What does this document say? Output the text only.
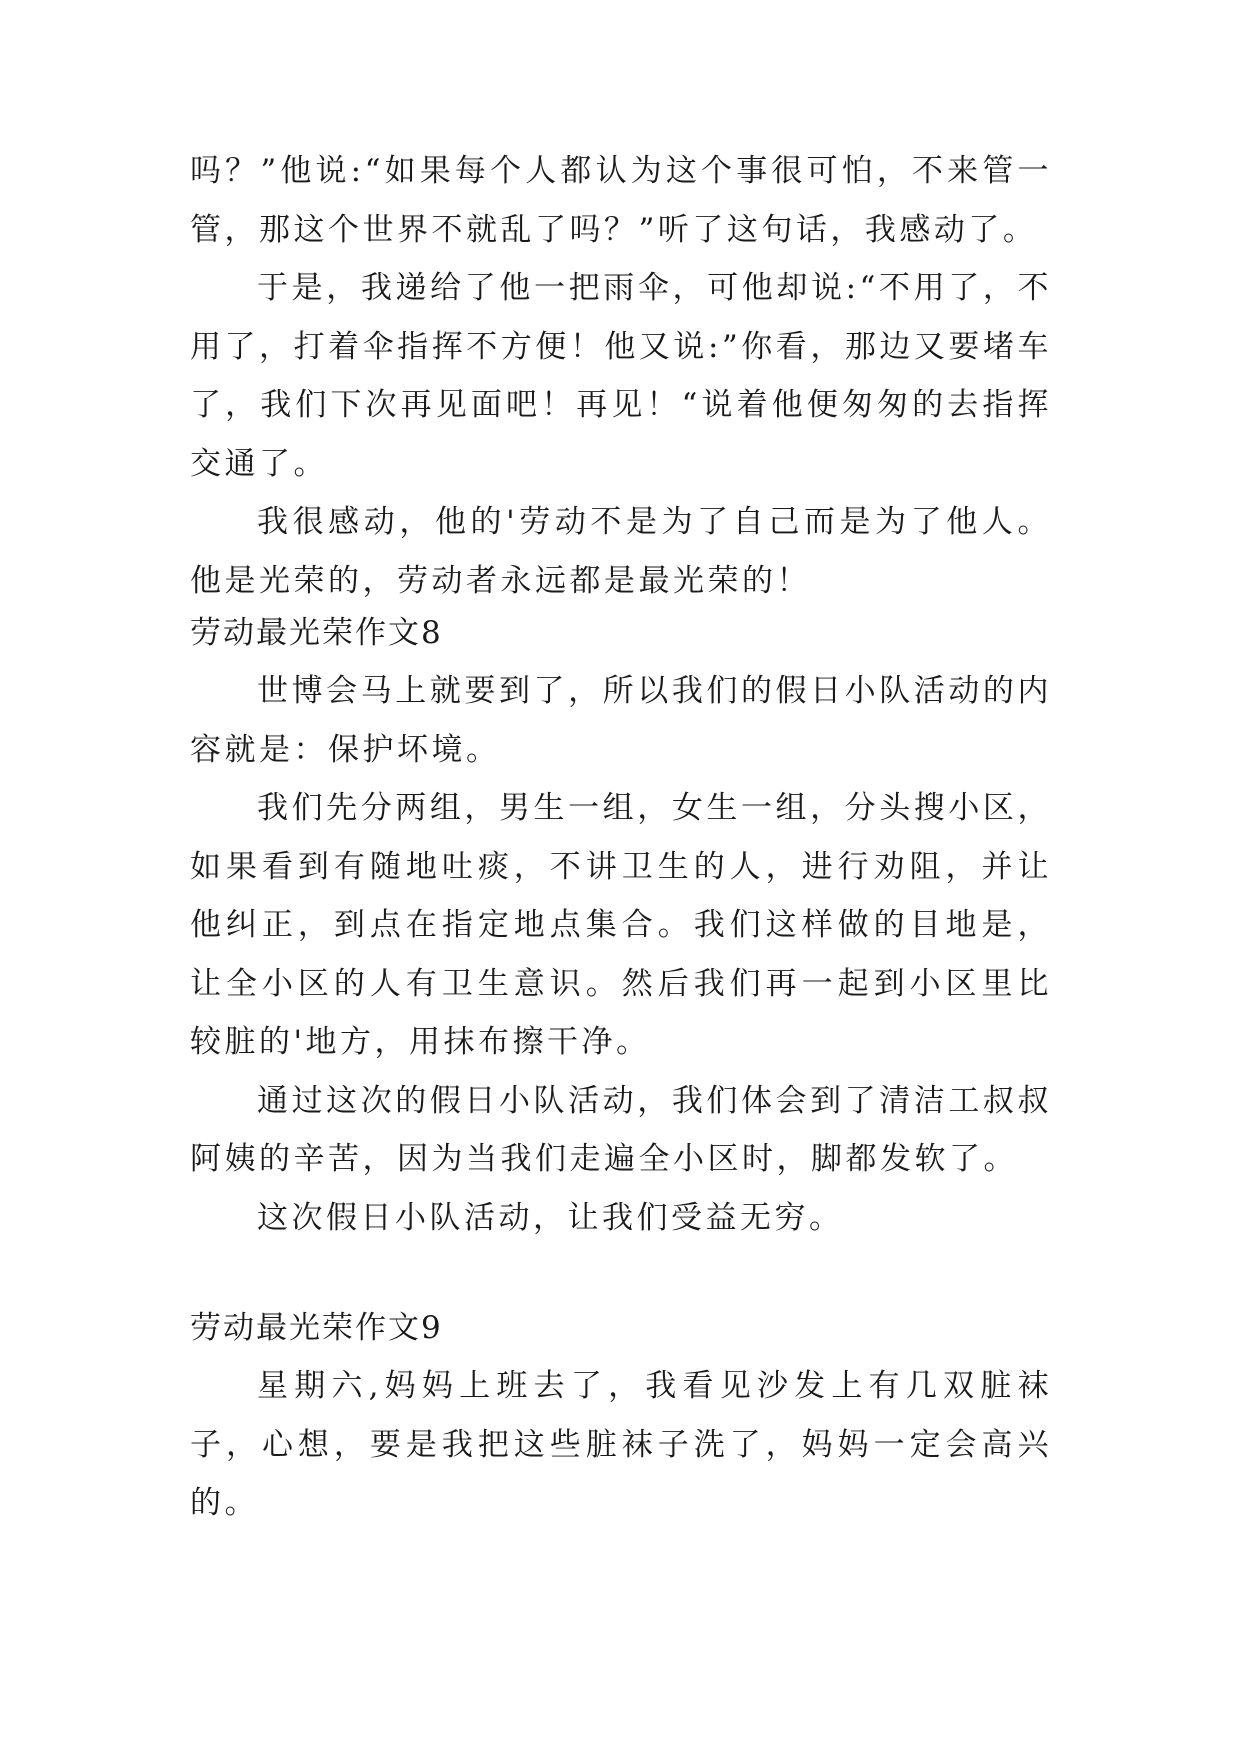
吗？”他说:“如果每个人都认为这个事很可怕，不来管一管，那这个世界不就乱了吗？”听了这句话，我感动了。

于是，我递给了他一把雨伞，可他却说:“不用了，不用了，打着伞指挥不方便！他又说:”你看，那边又要堵车了，我们下次再见面吧！再见！“说着他便匆匆的去指挥交通了。

我很感动，他的'劳动不是为了自己而是为了他人。他是光荣的，劳动者永远都是最光荣的！

劳动最光荣作文8

世博会马上就要到了，所以我们的假日小队活动的内容就是：保护坏境。

我们先分两组，男生一组，女生一组，分头搜小区，如果看到有随地吐痰，不讲卫生的人，进行劝阻，并让他纠正，到点在指定地点集合。我们这样做的目地是，让全小区的人有卫生意识。然后我们再一起到小区里比较脏的'地方，用抹布擦干净。

通过这次的假日小队活动，我们体会到了清洁工叔叔阿姨的辛苦，因为当我们走遍全小区时，脚都发软了。

这次假日小队活动，让我们受益无穷。

劳动最光荣作文9

星期六,妈妈上班去了，我看见沙发上有几双脏袜子，心想，要是我把这些脏袜子洗了，妈妈一定会高兴的。
